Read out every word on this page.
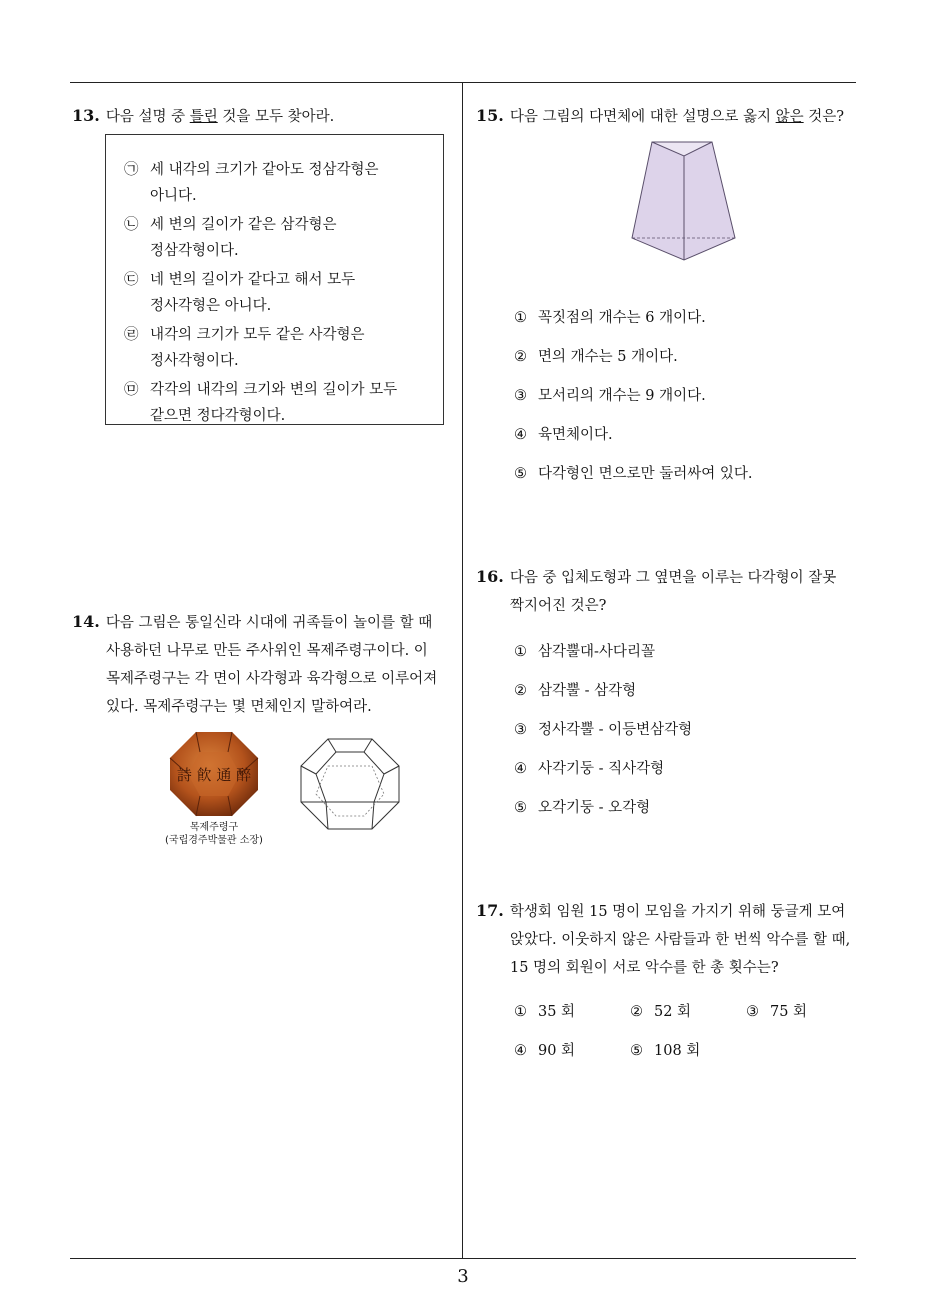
13. 다음 설명 중 틀린 것을 모두 찾아라.
㉠ 세 내각의 크기가 같아도 정삼각형은
아니다.
㉡ 세 변의 길이가 같은 삼각형은
정삼각형이다.
㉢ 네 변의 길이가 같다고 해서 모두
정사각형은 아니다.
㉣ 내각의 크기가 모두 같은 사각형은
정사각형이다.
㉤ 각각의 내각의 크기와 변의 길이가 모두
같으면 정다각형이다.
14. 다음 그림은 통일신라 시대에 귀족들이 놀이를 할 때
사용하던 나무로 만든 주사위인 목제주령구이다. 이
목제주령구는 각 면이 사각형과 육각형으로 이루어져
있다. 목제주령구는 몇 면체인지 말하여라.
詩 飮 通 醉
목제주령구
(국립경주박물관 소장)
15. 다음 그림의 다면체에 대한 설명으로 옳지 않은 것은?
① 꼭짓점의 개수는 6 개이다.
② 면의 개수는 5 개이다.
③ 모서리의 개수는 9 개이다.
④ 육면체이다.
⑤ 다각형인 면으로만 둘러싸여 있다.
16. 다음 중 입체도형과 그 옆면을 이루는 다각형이 잘못
짝지어진 것은?
① 삼각뿔대-사다리꼴
② 삼각뿔 - 삼각형
③ 정사각뿔 - 이등변삼각형
④ 사각기둥 - 직사각형
⑤ 오각기둥 - 오각형
17. 학생회 임원 15 명이 모임을 가지기 위해 둥글게 모여
앉았다. 이웃하지 않은 사람들과 한 번씩 악수를 할 때,
15 명의 회원이 서로 악수를 한 총 횟수는?
① 35 회	② 52 회	③ 75 회
④ 90 회	⑤ 108 회
3
